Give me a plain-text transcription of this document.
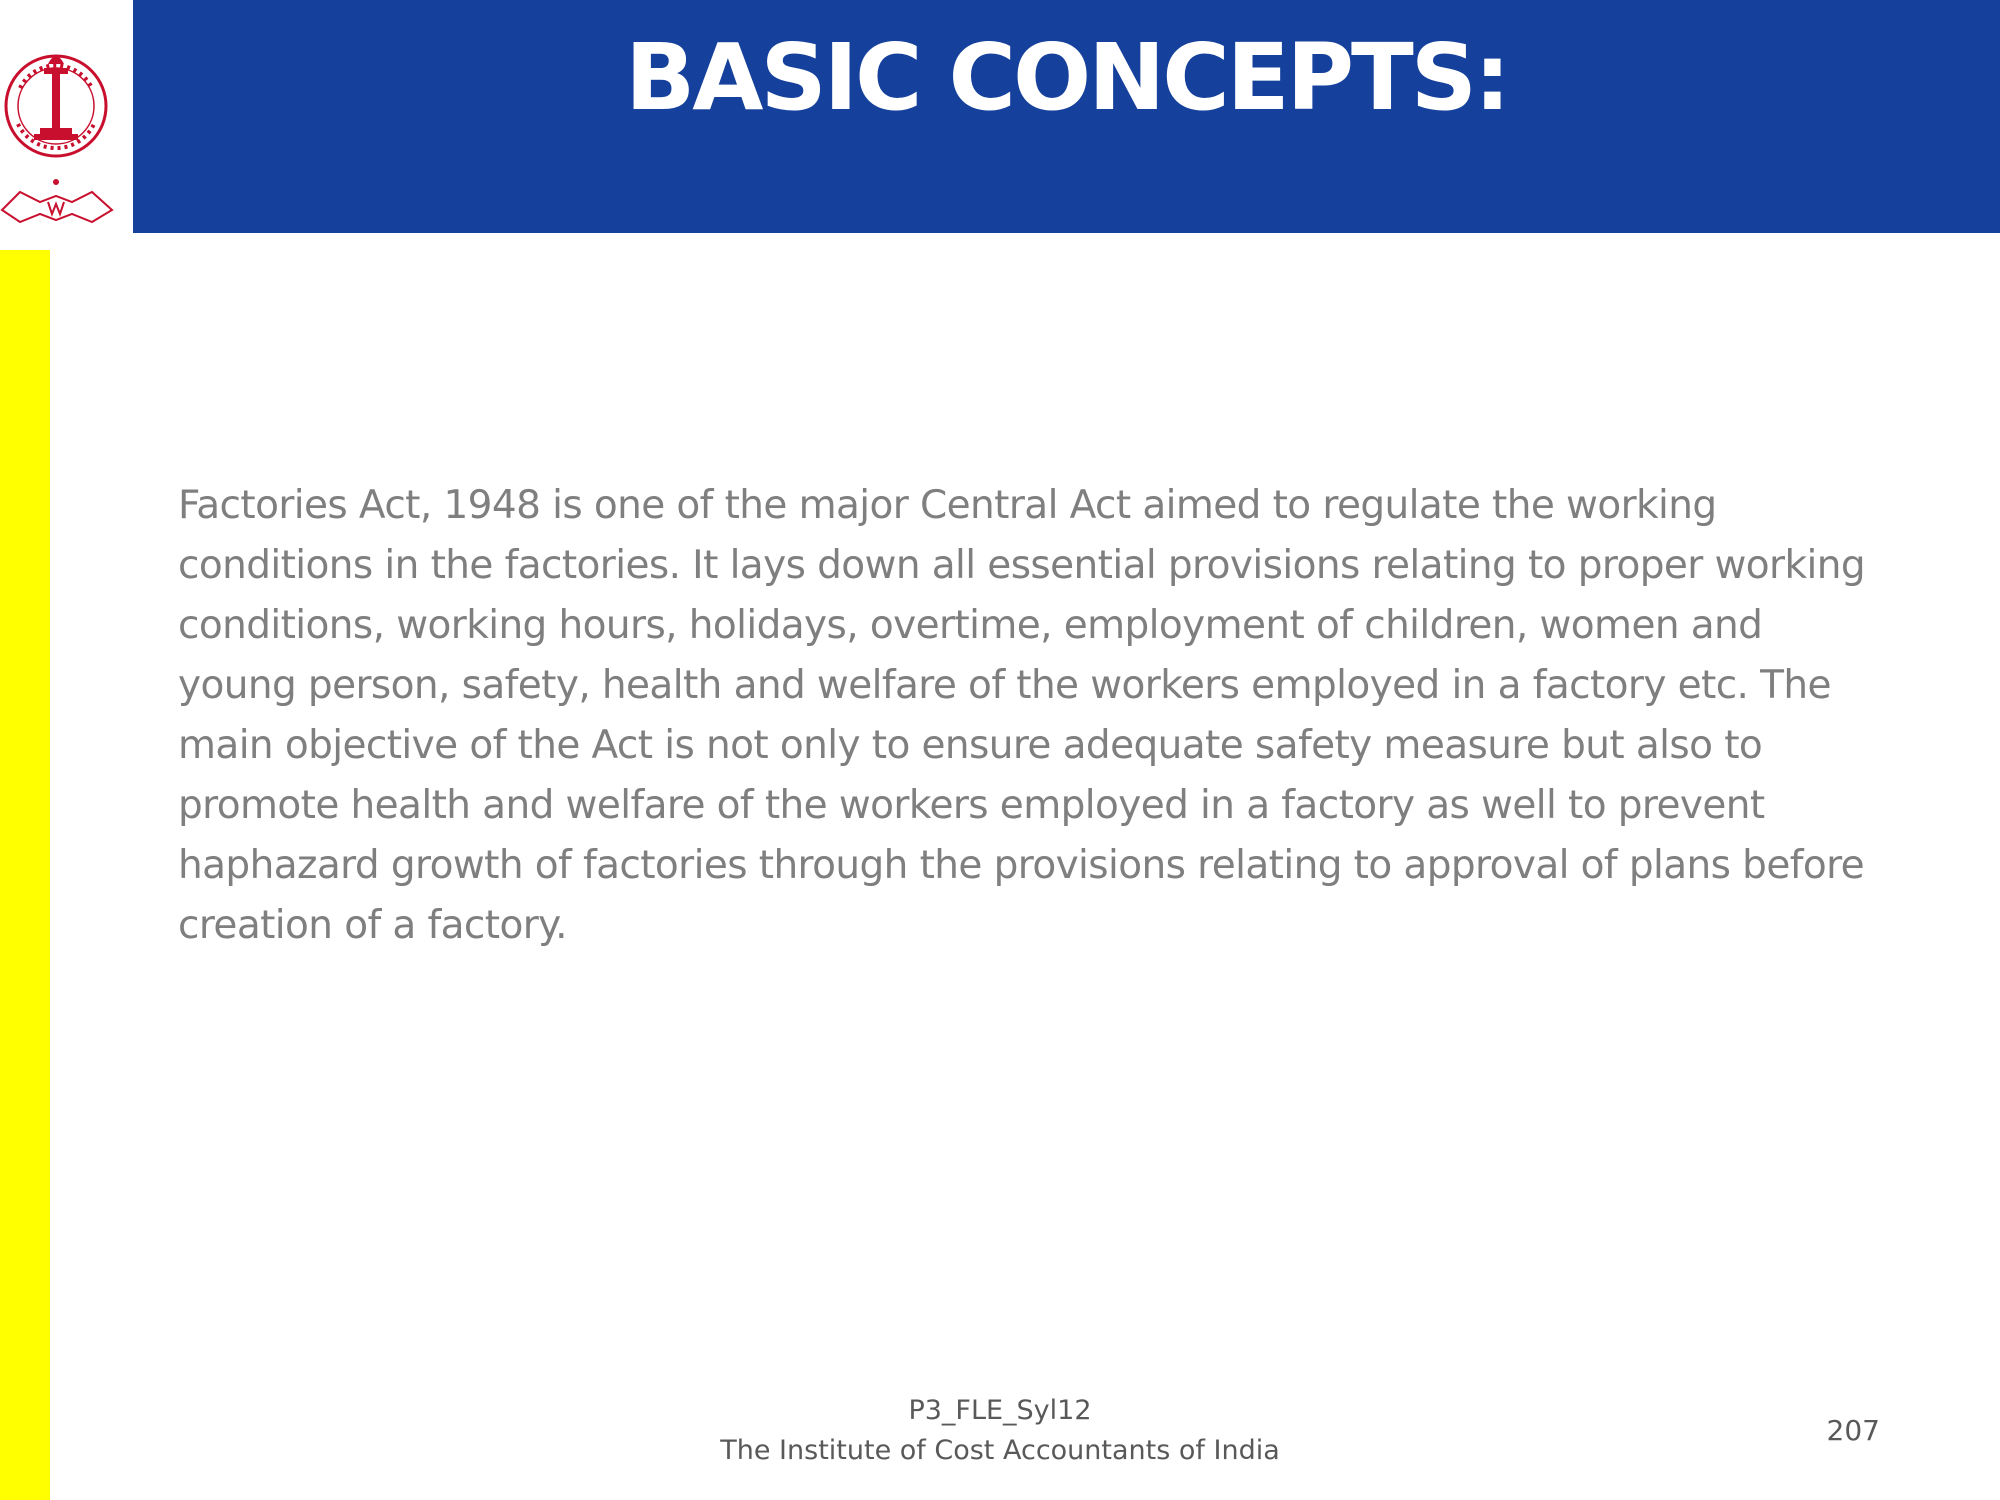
BASIC CONCEPTS:

Factories Act, 1948 is one of the major Central Act aimed to regulate the working conditions in the factories. It lays down all essential provisions relating to proper working conditions, working hours, holidays, overtime, employment of children, women and young person, safety, health and welfare of the workers employed in a factory etc. The main objective of the Act is not only to ensure adequate safety measure but also to promote health and welfare of the workers employed in a factory as well to prevent haphazard growth of factories through the provisions relating to approval of plans before creation of a factory.

P3_FLE_Syl12

The Institute of Cost Accountants of India

207
